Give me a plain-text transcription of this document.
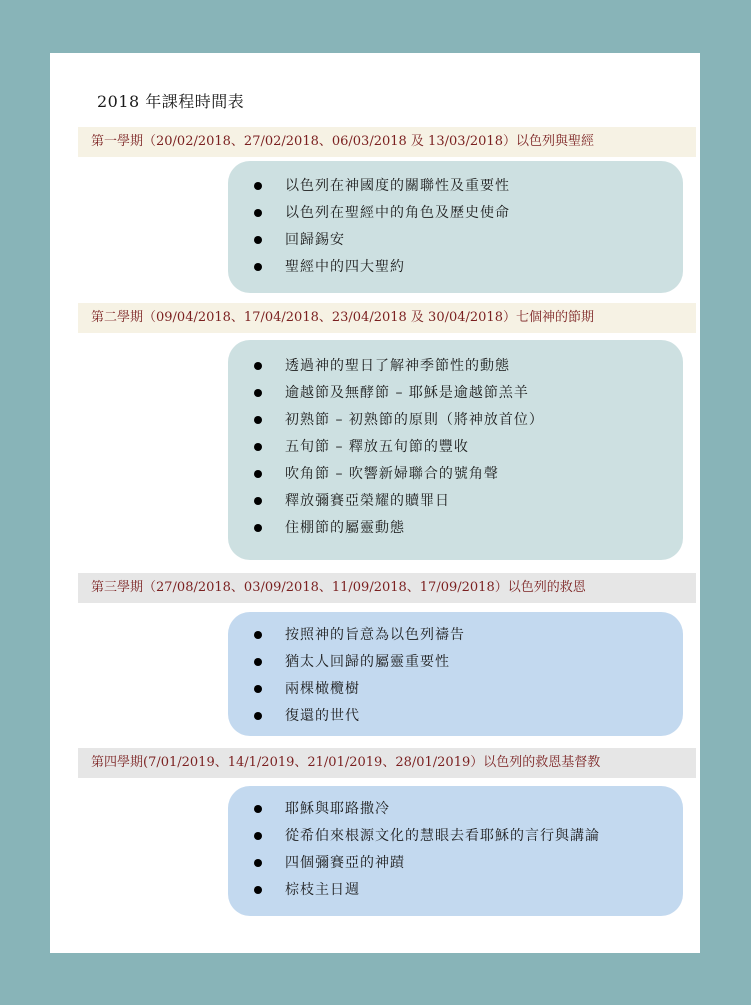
2018 年課程時間表
第一學期（20/02/2018、27/02/2018、06/03/2018 及 13/03/2018）以色列與聖經
以色列在神國度的關聯性及重要性
以色列在聖經中的角色及歷史使命
回歸錫安
聖經中的四大聖約
第二學期（09/04/2018、17/04/2018、23/04/2018 及 30/04/2018）七個神的節期
透過神的聖日了解神季節性的動態
逾越節及無酵節 – 耶穌是逾越節羔羊
初熟節 – 初熟節的原則（將神放首位）
五旬節 – 釋放五旬節的豐收
吹角節 – 吹響新婦聯合的號角聲
釋放彌賽亞榮耀的贖罪日
住棚節的屬靈動態
第三學期（27/08/2018、03/09/2018、11/09/2018、17/09/2018）以色列的救恩
按照神的旨意為以色列禱告
猶太人回歸的屬靈重要性
兩棵橄欖樹
復還的世代
第四學期(7/01/2019、14/1/2019、21/01/2019、28/01/2019）以色列的救恩基督教
耶穌與耶路撒冷
從希伯來根源文化的慧眼去看耶穌的言行與講論
四個彌賽亞的神蹟
棕枝主日週
